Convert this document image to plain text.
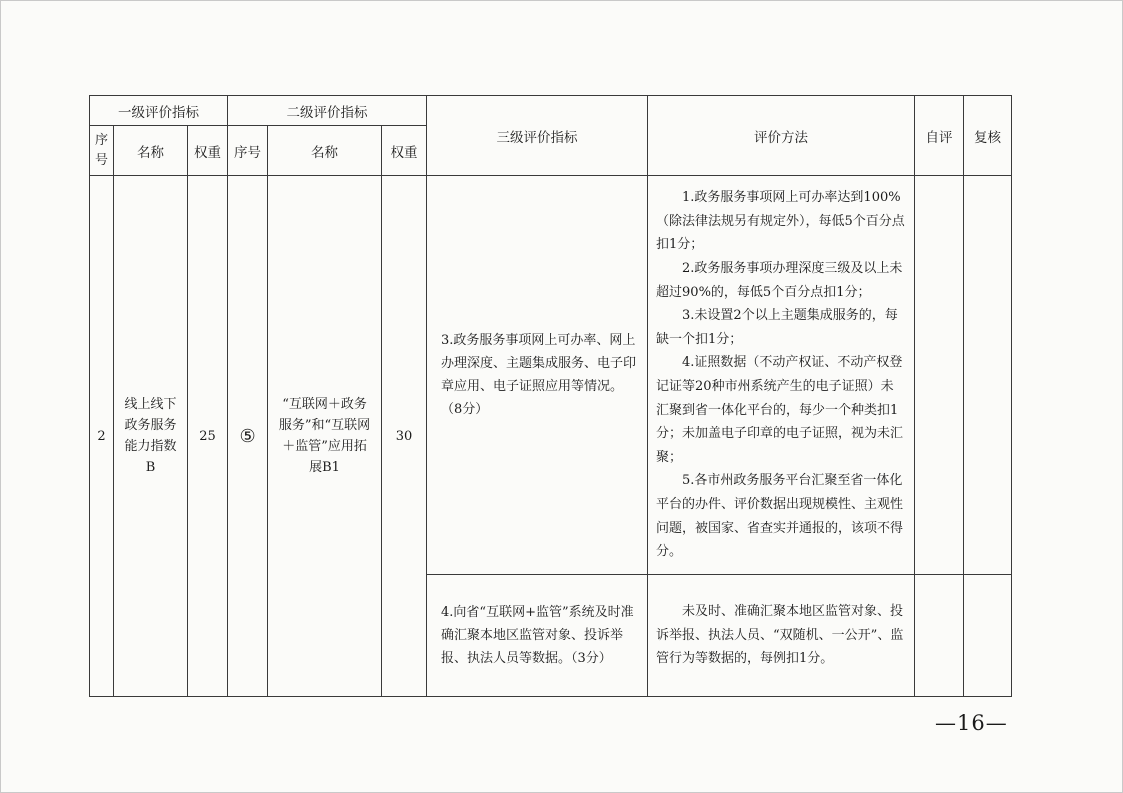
一级评价指标			二级评价指标			三级评价指标	评价方法	自评	复核
序号	名称	权重	序号	名称	权重				
2	线上线下政务服务能力指数B	25	⑤	“互联网＋政务服务”和“互联网＋监管”应用拓展B1	30	3.政务服务事项网上可办率、网上办理深度、主题集成服务、电子印章应用、电子证照应用等情况。（8分）	1.政务服务事项网上可办率达到100%（除法律法规另有规定外），每低5个百分点扣1分；

2.政务服务事项办理深度三级及以上未超过90%的，每低5个百分点扣1分；

3.未设置2个以上主题集成服务的，每缺一个扣1分；

4.证照数据（不动产权证、不动产权登记证等20种市州系统产生的电子证照）未汇聚到省一体化平台的，每少一个种类扣1分；未加盖电子印章的电子证照，视为未汇聚；

5.各市州政务服务平台汇聚至省一体化平台的办件、评价数据出现规模性、主观性问题，被国家、省查实并通报的，该项不得分。		

						4.向省“互联网+监管”系统及时准确汇聚本地区监管对象、投诉举报、执法人员等数据。（3分）	未及时、准确汇聚本地区监管对象、投诉举报、执法人员、“双随机、一公开”、监管行为等数据的，每例扣1分。		

—16—
